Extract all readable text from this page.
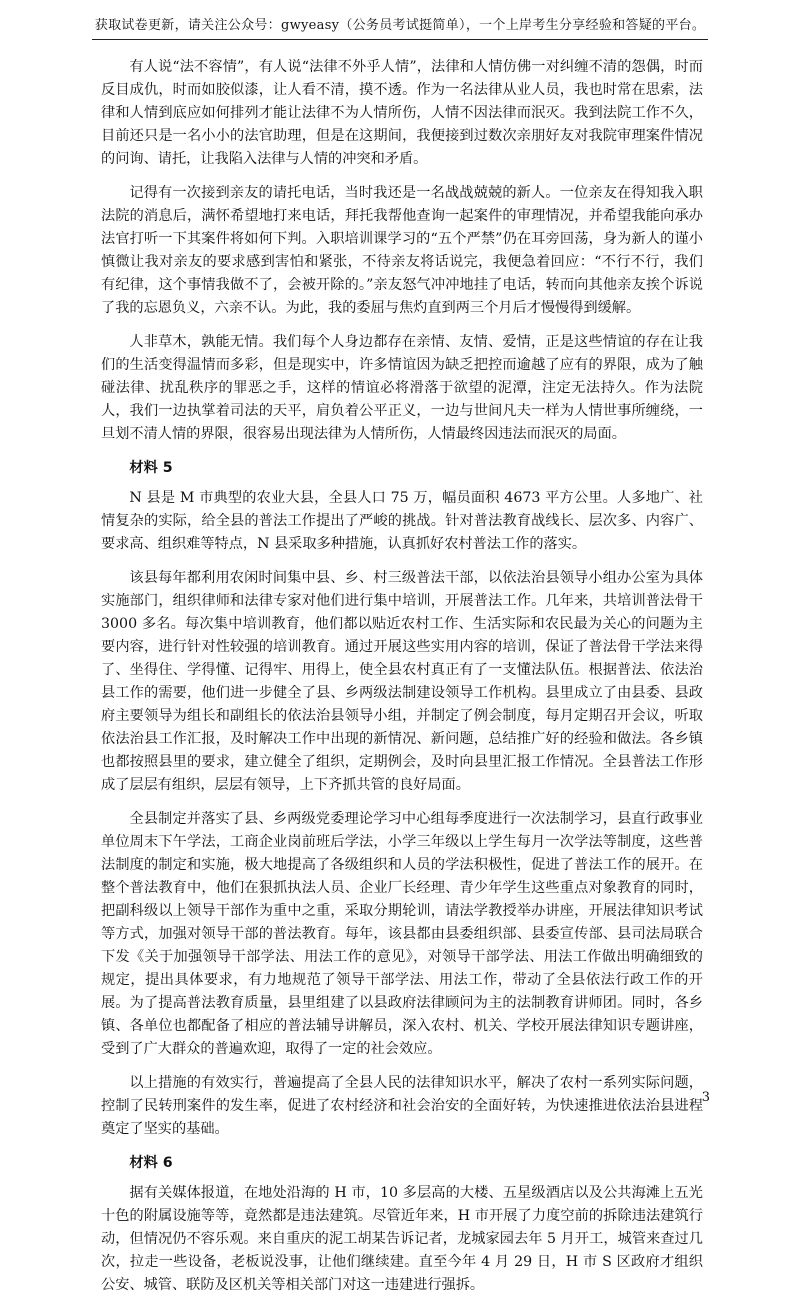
获取试卷更新，请关注公众号：gwyeasy（公务员考试挺简单），一个上岸考生分享经验和答疑的平台。

有人说“法不容情”，有人说“法律不外乎人情”，法律和人情仿佛一对纠缠不清的怨偶，时而反目成仇，时而如胶似漆，让人看不清，摸不透。作为一名法律从业人员，我也时常在思索，法律和人情到底应如何排列才能让法律不为人情所伤，人情不因法律而泯灭。我到法院工作不久，目前还只是一名小小的法官助理，但是在这期间，我便接到过数次亲朋好友对我院审理案件情况的问询、请托，让我陷入法律与人情的冲突和矛盾。

记得有一次接到亲友的请托电话，当时我还是一名战战兢兢的新人。一位亲友在得知我入职法院的消息后，满怀希望地打来电话，拜托我帮他查询一起案件的审理情况，并希望我能向承办法官打听一下其案件将如何下判。入职培训课学习的“五个严禁”仍在耳旁回荡，身为新人的谨小慎微让我对亲友的要求感到害怕和紧张，不待亲友将话说完，我便急着回应：“不行不行，我们有纪律，这个事情我做不了，会被开除的。”亲友怒气冲冲地挂了电话，转而向其他亲友挨个诉说了我的忘恩负义，六亲不认。为此，我的委屈与焦灼直到两三个月后才慢慢得到缓解。

人非草木，孰能无情。我们每个人身边都存在亲情、友情、爱情，正是这些情谊的存在让我们的生活变得温情而多彩，但是现实中，许多情谊因为缺乏把控而逾越了应有的界限，成为了触碰法律、扰乱秩序的罪恶之手，这样的情谊必将滑落于欲望的泥潭，注定无法持久。作为法院人，我们一边执掌着司法的天平，肩负着公平正义，一边与世间凡夫一样为人情世事所缠绕，一旦划不清人情的界限，很容易出现法律为人情所伤，人情最终因违法而泯灭的局面。

材料 5

N 县是 M 市典型的农业大县，全县人口 75 万，幅员面积 4673 平方公里。人多地广、社情复杂的实际，给全县的普法工作提出了严峻的挑战。针对普法教育战线长、层次多、内容广、要求高、组织难等特点，N 县采取多种措施，认真抓好农村普法工作的落实。

该县每年都利用农闲时间集中县、乡、村三级普法干部，以依法治县领导小组办公室为具体实施部门，组织律师和法律专家对他们进行集中培训，开展普法工作。几年来，共培训普法骨干 3000 多名。每次集中培训教育，他们都以贴近农村工作、生活实际和农民最为关心的问题为主要内容，进行针对性较强的培训教育。通过开展这些实用内容的培训，保证了普法骨干学法来得了、坐得住、学得懂、记得牢、用得上，使全县农村真正有了一支懂法队伍。根据普法、依法治县工作的需要，他们进一步健全了县、乡两级法制建设领导工作机构。县里成立了由县委、县政府主要领导为组长和副组长的依法治县领导小组，并制定了例会制度，每月定期召开会议，听取依法治县工作汇报，及时解决工作中出现的新情况、新问题，总结推广好的经验和做法。各乡镇也都按照县里的要求，建立健全了组织，定期例会，及时向县里汇报工作情况。全县普法工作形成了层层有组织，层层有领导，上下齐抓共管的良好局面。

全县制定并落实了县、乡两级党委理论学习中心组每季度进行一次法制学习，县直行政事业单位周末下午学法，工商企业岗前班后学法，小学三年级以上学生每月一次学法等制度，这些普法制度的制定和实施，极大地提高了各级组织和人员的学法积极性，促进了普法工作的展开。在整个普法教育中，他们在狠抓执法人员、企业厂长经理、青少年学生这些重点对象教育的同时，把副科级以上领导干部作为重中之重，采取分期轮训，请法学教授举办讲座，开展法律知识考试等方式，加强对领导干部的普法教育。每年，该县都由县委组织部、县委宣传部、县司法局联合下发《关于加强领导干部学法、用法工作的意见》，对领导干部学法、用法工作做出明确细致的规定，提出具体要求，有力地规范了领导干部学法、用法工作，带动了全县依法行政工作的开展。为了提高普法教育质量，县里组建了以县政府法律顾问为主的法制教育讲师团。同时，各乡镇、各单位也都配备了相应的普法辅导讲解员，深入农村、机关、学校开展法律知识专题讲座，受到了广大群众的普遍欢迎，取得了一定的社会效应。

以上措施的有效实行，普遍提高了全县人民的法律知识水平，解决了农村一系列实际问题，控制了民转刑案件的发生率，促进了农村经济和社会治安的全面好转，为快速推进依法治县进程奠定了坚实的基础。

材料 6

据有关媒体报道，在地处沿海的 H 市，10 多层高的大楼、五星级酒店以及公共海滩上五光十色的附属设施等等，竟然都是违法建筑。尽管近年来，H 市开展了力度空前的拆除违法建筑行动，但情况仍不容乐观。来自重庆的泥工胡某告诉记者，龙城家园去年 5 月开工，城管来查过几次，拉走一些设备，老板说没事，让他们继续建。直至今年 4 月 29 日，H 市 S 区政府才组织公安、城管、联防及区机关等相关部门对这一违建进行强拆。

3
